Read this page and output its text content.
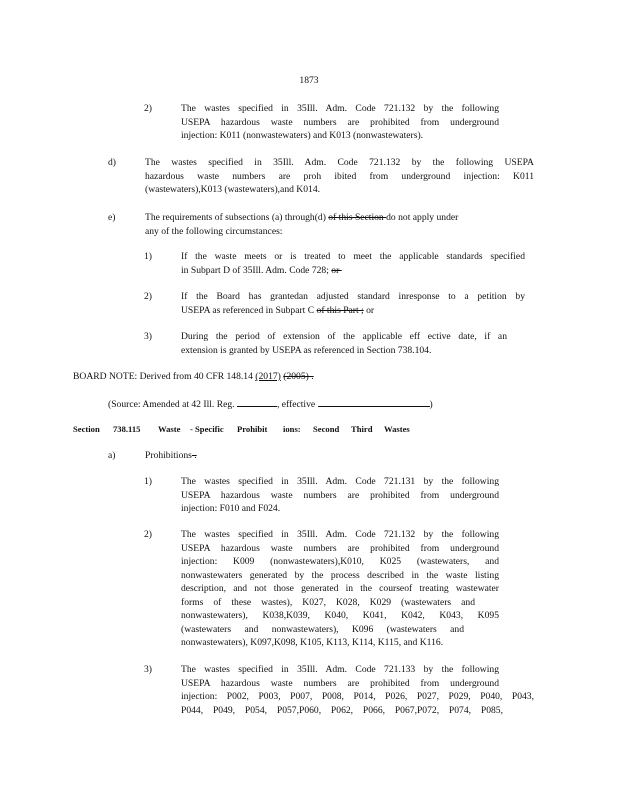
1873
2)	The wastes specified in 35Ill. Adm. Code 721.132 by the following
USEPA hazardous waste numbers are prohibited from underground
injection: K011 (nonwastewaters) and K013 (nonwastewaters).
d)	The wastes specified in 35Ill. Adm. Code 721.132 by the following USEPA
hazardous waste numbers are proh ibited from underground injection: K011
(wastewaters),K013 (wastewaters),and K014.
e)	The requirements of subsections (a) through(d) of this Section do not apply under
any of the following circumstances:
1)	If the waste meets or is treated to meet the applicable standards specified
in Subpart D of 35Ill. Adm. Code 728; or
2)	If the Board has grantedan adjusted standard inresponse to a petition by
USEPA as referenced in Subpart C of this Part ; or
3)	During the period of extension of the applicable eff ective date, if an
extension is granted by USEPA as referenced in Section 738.104.
BOARD NOTE: Derived from 40 CFR 148.14 (2017) (2005) .
(Source: Amended at 42 Ill. Reg.	, effective	)
Section 738.115 Waste - Specific Prohibit ions: Second Third Wastes
a)	Prohibitions .
1)	The wastes specified in 35Ill. Adm. Code 721.131 by the following
USEPA hazardous waste numbers are prohibited from underground
injection: F010 and F024.
2)	The wastes specified in 35Ill. Adm. Code 721.132 by the following
USEPA hazardous waste numbers are prohibited from underground
injection: K009 (nonwastewaters),K010, K025 (wastewaters, and
nonwastewaters generated by the process described in the waste listing
description, and not those generated in the courseof treating wastewater
forms of these wastes), K027, K028, K029 (wastewaters and
nonwastewaters), K038,K039, K040, K041, K042, K043, K095
(wastewaters and nonwastewaters), K096 (wastewaters and
nonwastewaters), K097,K098, K105, K113, K114, K115, and K116.
3)	The wastes specified in 35Ill. Adm. Code 721.133 by the following
USEPA hazardous waste numbers are prohibited from underground
injection: P002, P003, P007, P008, P014, P026, P027, P029, P040, P043,
P044, P049, P054, P057,P060, P062, P066, P067,P072, P074, P085,
